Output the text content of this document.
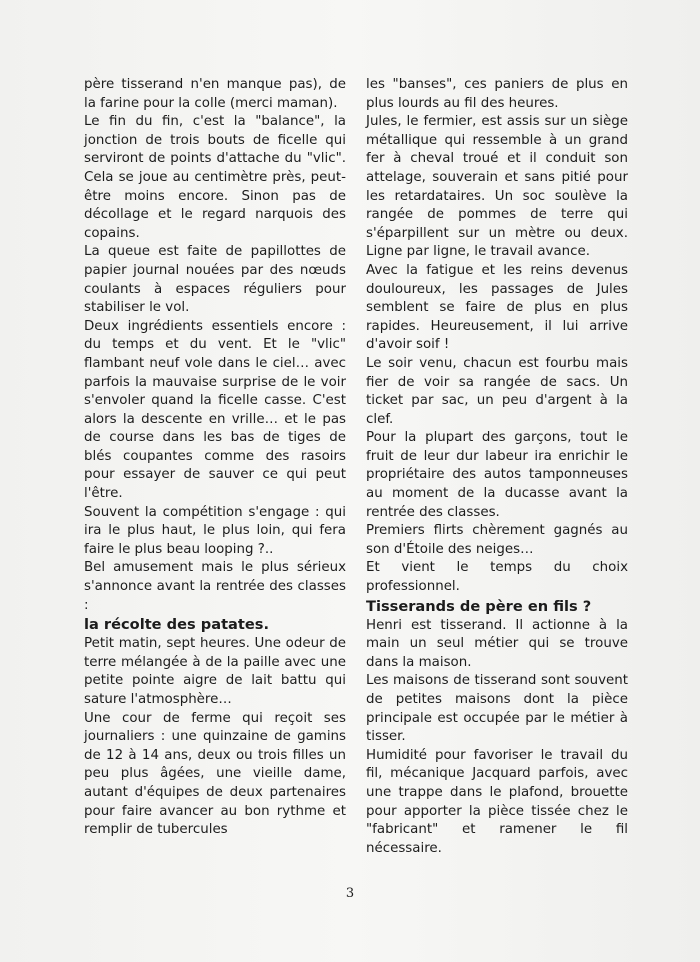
père tisserand n'en manque pas), de la farine pour la colle (merci maman).

Le fin du fin, c'est la "balance", la jonction de trois bouts de ficelle qui serviront de points d'attache du "vlic". Cela se joue au centimètre près, peut-être moins encore. Sinon pas de décollage et le regard narquois des copains.

La queue est faite de papillottes de papier journal nouées par des nœuds coulants à espaces réguliers pour stabiliser le vol.

Deux ingrédients essentiels encore : du temps et du vent. Et le "vlic" flambant neuf vole dans le ciel… avec parfois la mauvaise surprise de le voir s'envoler quand la ficelle casse. C'est alors la descente en vrille… et le pas de course dans les bas de tiges de blés coupantes comme des rasoirs pour essayer de sauver ce qui peut l'être.

Souvent la compétition s'engage : qui ira le plus haut, le plus loin, qui fera faire le plus beau looping ?..

Bel amusement mais le plus sérieux s'annonce avant la rentrée des classes :

la récolte des patates.

Petit matin, sept heures. Une odeur de terre mélangée à de la paille avec une petite pointe aigre de lait battu qui sature l'atmosphère…

Une cour de ferme qui reçoit ses journaliers : une quinzaine de gamins de 12 à 14 ans, deux ou trois filles un peu plus âgées, une vieille dame, autant d'équipes de deux partenaires pour faire avancer au bon rythme et remplir de tubercules

les "banses", ces paniers de plus en plus lourds au fil des heures.

Jules, le fermier, est assis sur un siège métallique qui ressemble à un grand fer à cheval troué et il conduit son attelage, souverain et sans pitié pour les retardataires. Un soc soulève la rangée de pommes de terre qui s'éparpillent sur un mètre ou deux. Ligne par ligne, le travail avance.

Avec la fatigue et les reins devenus douloureux, les passages de Jules semblent se faire de plus en plus rapides. Heureusement, il lui arrive d'avoir soif !

Le soir venu, chacun est fourbu mais fier de voir sa rangée de sacs. Un ticket par sac, un peu d'argent à la clef.

Pour la plupart des garçons, tout le fruit de leur dur labeur ira enrichir le propriétaire des autos tamponneuses au moment de la ducasse avant la rentrée des classes.

Premiers flirts chèrement gagnés au son d'Étoile des neiges…

Et vient le temps du choix professionnel.

Tisserands de père en fils ?

Henri est tisserand. Il actionne à la main un seul métier qui se trouve dans la maison.

Les maisons de tisserand sont souvent de petites maisons dont la pièce principale est occupée par le métier à tisser.

Humidité pour favoriser le travail du fil, mécanique Jacquard parfois, avec une trappe dans le plafond, brouette pour apporter la pièce tissée chez le "fabricant" et ramener le fil nécessaire.

3
